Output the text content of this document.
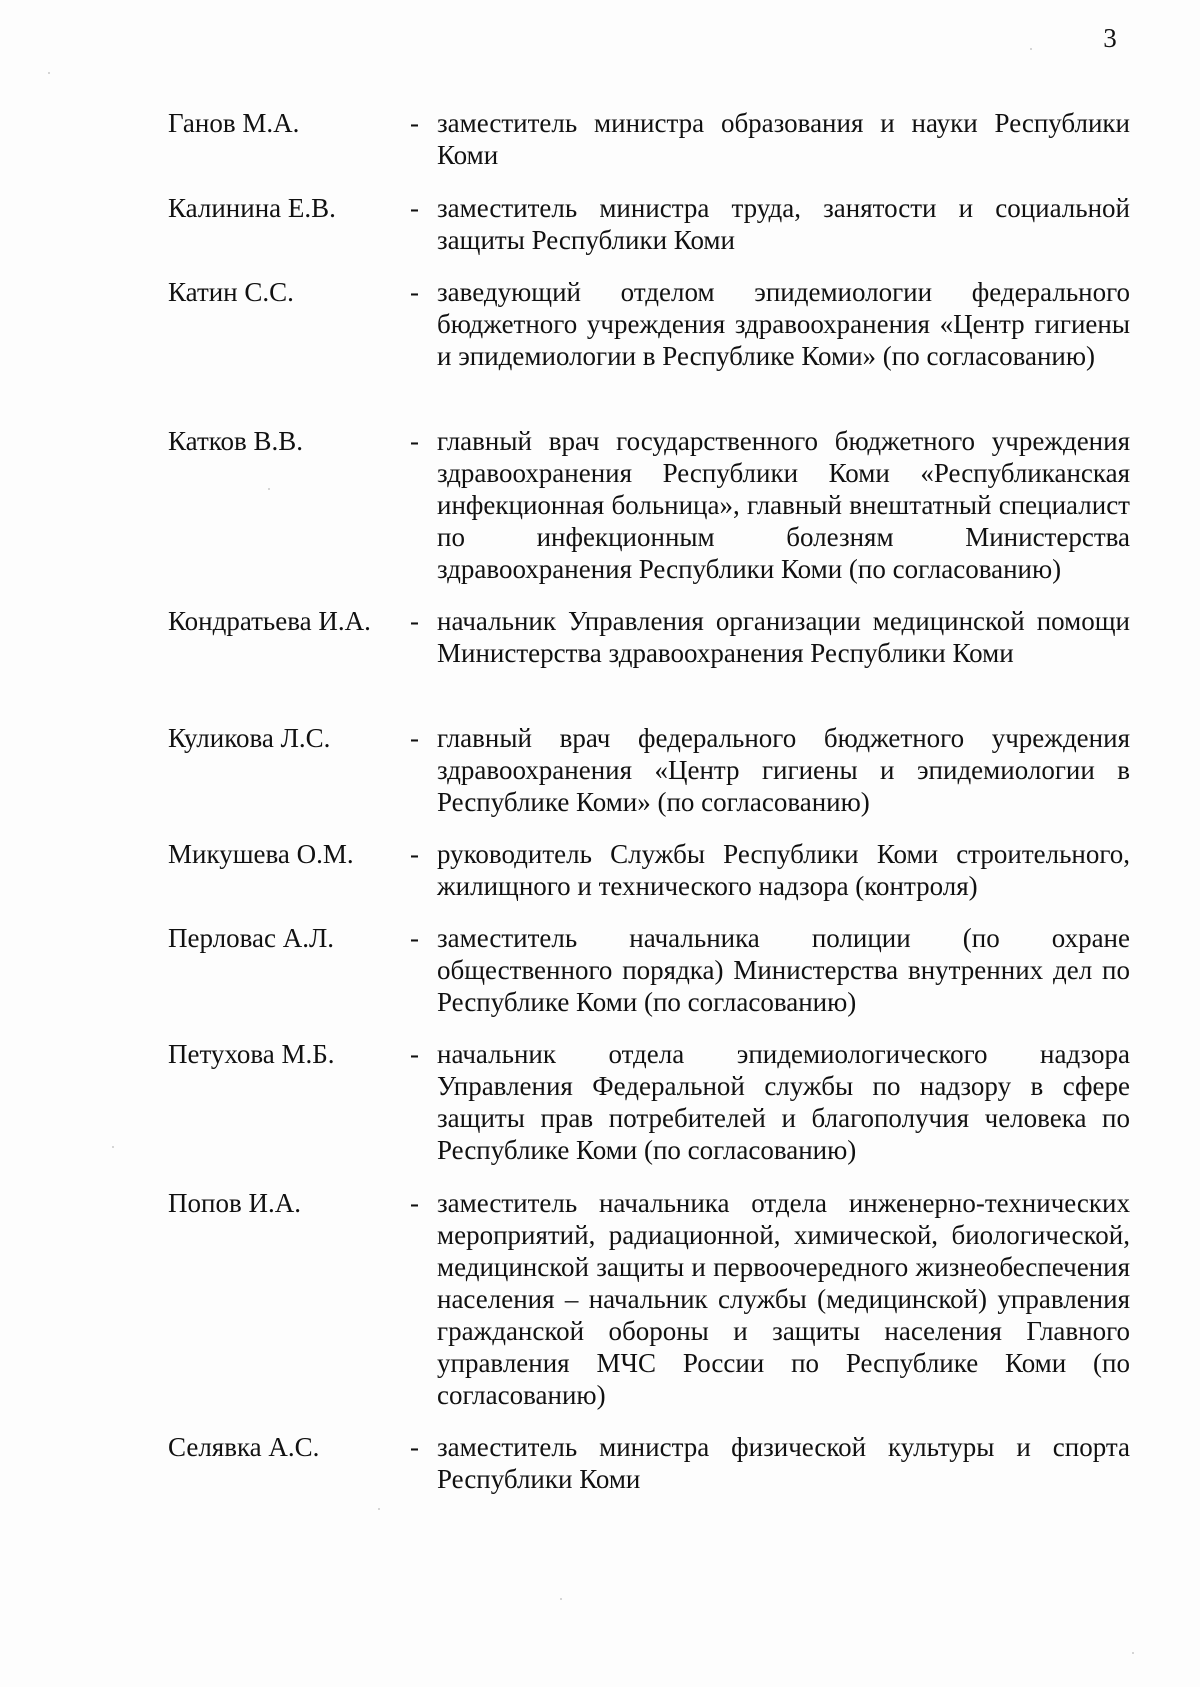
3
Ганов М.А.	- заместитель министра образования и науки Республики Коми
Калинина Е.В.	- заместитель министра труда, занятости и социальной защиты Республики Коми
Катин С.С.	- заведующий отделом эпидемиологии федерального бюджетного учреждения здравоохранения «Центр гигиены и эпидемиологии в Республике Коми» (по согласованию)
Катков В.В.	- главный врач государственного бюджетного учреждения здравоохранения Республики Коми «Республиканская инфекционная больница», главный внештатный специалист по инфекционным болезням Министерства здравоохранения Республики Коми (по согласованию)
Кондратьева И.А. - начальник Управления организации медицинской помощи Министерства здравоохранения Республики Коми
Куликова Л.С.	- главный врач федерального бюджетного учреждения здравоохранения «Центр гигиены и эпидемиологии в Республике Коми» (по согласованию)
Микушева О.М. - руководитель Службы Республики Коми строительного, жилищного и технического надзора (контроля)
Перловас А.Л.	- заместитель начальника полиции (по охране общественного порядка) Министерства внутренних дел по Республике Коми (по согласованию)
Петухова М.Б.	- начальник отдела эпидемиологического надзора Управления Федеральной службы по надзору в сфере защиты прав потребителей и благополучия человека по Республике Коми (по согласованию)
Попов И.А.	- заместитель начальника отдела инженерно-технических мероприятий, радиационной, химической, биологической, медицинской защиты и первоочередного жизнеобеспечения населения – начальник службы (медицинской) управления гражданской обороны и защиты населения Главного управления МЧС России по Республике Коми (по согласованию)
Селявка А.С.	- заместитель министра физической культуры и спорта Республики Коми
